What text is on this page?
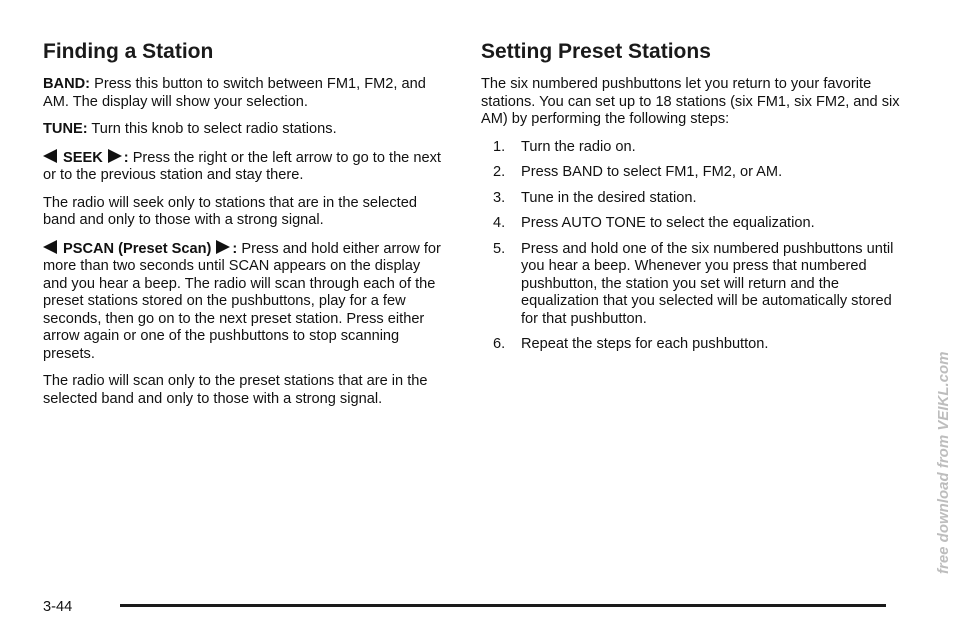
Finding a Station

BAND: Press this button to switch between FM1, FM2, and AM. The display will show your selection.

TUNE: Turn this knob to select radio stations.

SEEK : Press the right or the left arrow to go to the next or to the previous station and stay there.

The radio will seek only to stations that are in the selected band and only to those with a strong signal.

PSCAN (Preset Scan) : Press and hold either arrow for more than two seconds until SCAN appears on the display and you hear a beep. The radio will scan through each of the preset stations stored on the pushbuttons, play for a few seconds, then go on to the next preset station. Press either arrow again or one of the pushbuttons to stop scanning presets.

The radio will scan only to the preset stations that are in the selected band and only to those with a strong signal.

Setting Preset Stations

The six numbered pushbuttons let you return to your favorite stations. You can set up to 18 stations (six FM1, six FM2, and six AM) by performing the following steps:

1.	Turn the radio on.
2.	Press BAND to select FM1, FM2, or AM.
3.	Tune in the desired station.
4.	Press AUTO TONE to select the equalization.
5.	Press and hold one of the six numbered pushbuttons until you hear a beep. Whenever you press that numbered pushbutton, the station you set will return and the equalization that you selected will be automatically stored for that pushbutton.
6.	Repeat the steps for each pushbutton.
3-44
free download from VEIKL.com
